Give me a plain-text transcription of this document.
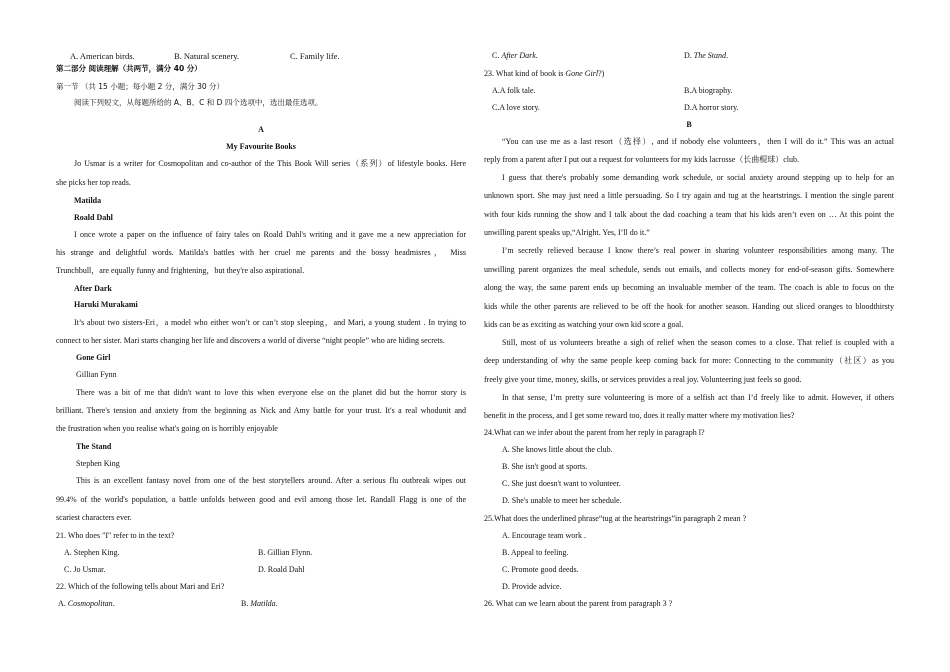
A. American birds.	B. Natural scenery.	C. Family life.
第二部分 阅读理解（共两节，满分 40 分）
第一节 （共 15 小题；每小题 2 分，满分 30 分）
阅读下列短文，从每题所给的 A、B、C 和 D 四个选项中，选出最佳选项。
A
My Favourite Books
Jo Usmar is a writer for Cosmopolitan and co-author of the This Book Will series（系列）of lifestyle books. Here
she picks her top reads.
Matilda
Roald Dahl
I once wrote a paper on the influence of fairy tales on Roald Dahl's writing and it gave me a new appreciation for
his strange and delightful words. Matilda's battles with her cruel me parents and the bossy headmisres， Miss
Trunchbull，are equally funny and frightening，but they're also aspirational.
After Dark
Haruki Murakami
It’s about two sisters-Eri，a model who either won’t or can’t stop sleeping，and Mari, a young student . In trying to
connect to her sister. Mari starts changing her life and discovers a world of diverse “night people” who are hiding secrets.
Gone Girl
Gillian Fynn
There was a bit of me that didn't want to love this when everyone else on the planet did but the horror story is
brilliant. There's tension and anxiety from the beginning as Nick and Amy battle for your trust. It's a real whodunit and
the frustration when you realise what's going on is horribly enjoyable
The Stand
Stephen King
This is an excellent fantasy novel from one of the best storytellers around. After a serious flu outbreak wipes out
99.4% of the world's population, a battle unfolds between good and evil among those let. Randall Flagg is one of the
scariest characters ever.
21. Who does "I" refer to in the text?
A. Stephen King.	B. Gillian Flynn.
C. Jo Usmar.	D. Roald Dahl
22. Which of the following tells about Mari and Eri?
A. Cosmopolitan.	B. Matilda.
C. After Dark.	D. The Stand.
23. What kind of book is Gone Girl?)
A.A folk tale.	B.A biography.
C.A love story.	D.A horror story.
B
“You can use me as a last resort（选择）, and if nobody else volunteers，then I will do it.” This was an actual
reply from a parent after I put out a request for volunteers for my kids lacrosse（长曲棍球）club.
I guess that there's probably some demanding work schedule, or social anxiety around stepping up to help for an
unknown sport. She may just need a little persuading. So I try again and tug at the heartstrings. I mention the single parent
with four kids running the show and I talk about the dad coaching a team that his kids aren’t even on … At this point the
unwilling parent speaks up,“Alright. Yes, I’ll do it.”
I’m secretly relieved because I know there’s real power in sharing volunteer responsibilities among many. The
unwilling parent organizes the meal schedule, sends out emails, and collects money for end-of-season gifts. Somewhere
along the way, the same parent ends up becoming an invaluable member of the team. The coach is able to focus on the
kids while the other parents are relieved to be off the hook for another season. Handing out sliced oranges to bloodthirsty
kids can be as exciting as watching your own kid score a goal.
Still, most of us volunteers breathe a sigh of relief when the season comes to a close. That relief is coupled with a
deep understanding of why the same people keep coming back for more: Connecting to the community（社区）as you
freely give your time, money, skills, or services provides a real joy. Volunteering just feels so good.
In that sense, I’m pretty sure volunteering is more of a selfish act than I’d freely like to admit. However, if others
benefit in the process, and I get some reward too, does it really matter where my motivation lies?
24.What can we infer about the parent from her reply in paragraph l?
A. She knows little about the club.
B. She isn't good at sports.
C. She just doesn't want to volunteer.
D. She's unable to meet her schedule.
25.What does the underlined phrase“tug at the heartstrings”in paragraph 2 mean ?
A. Encourage team work .
B. Appeal to feeling.
C. Promote good deeds.
D. Provide advice.
26. What can we learn about the parent from paragraph 3 ?
